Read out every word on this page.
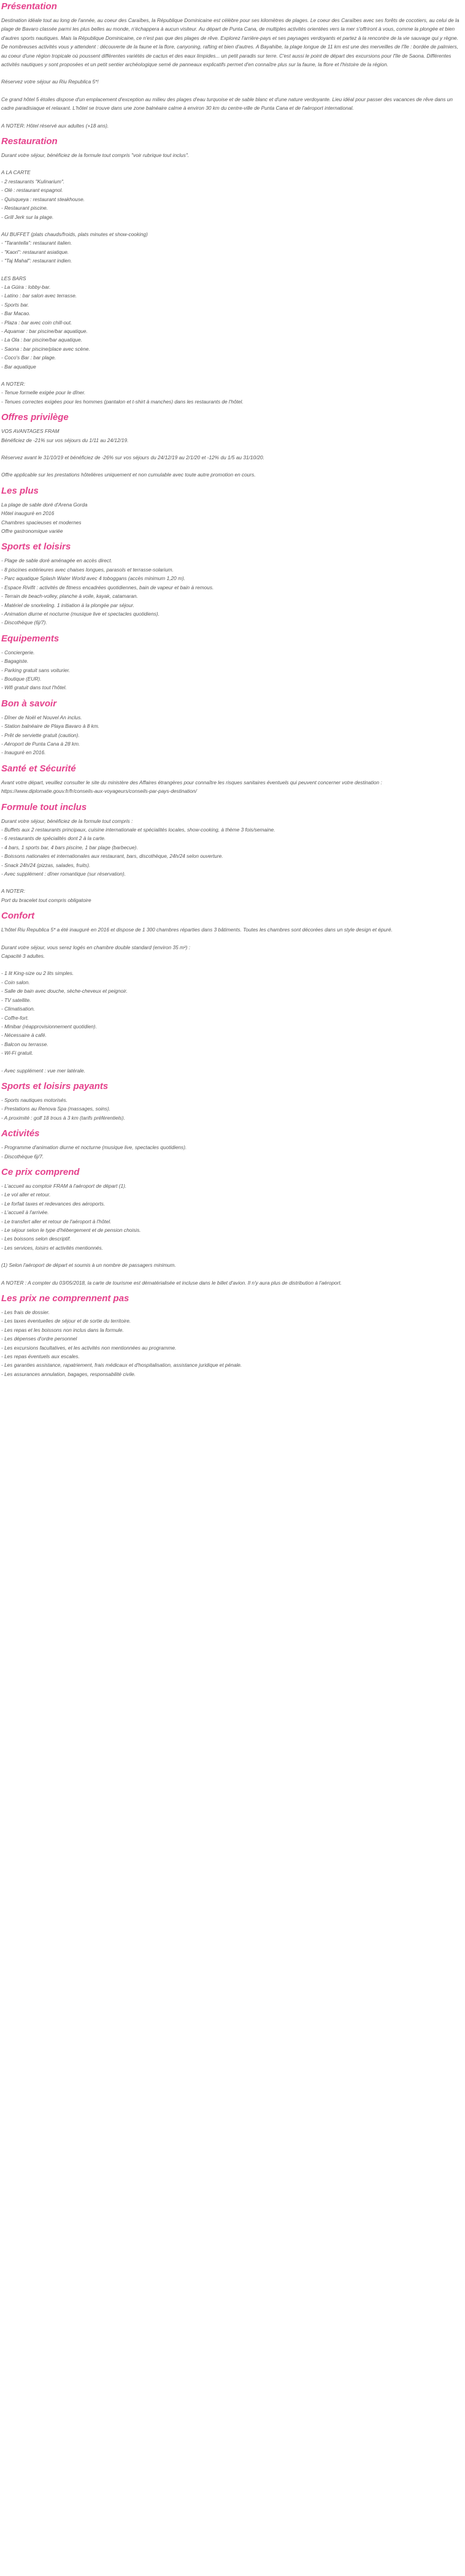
Présentation

Destination idéale tout au long de l'année, au coeur des Caraïbes, la République Dominicaine est célèbre pour ses kilomètres de plages. Le coeur des Caraïbes avec ses forêts de cocotiers, au celui de la plage de Bavaro classée parmi les plus belles au monde, n'échappera à aucun visiteur. Au départ de Punta Cana, de multiples activités orientées vers la mer s'offriront à vous, comme la plongée et bien d'autres sports nautiques. Mais la République Dominicaine, ce n'est pas que des plages de rêve. Explorez l'arrière-pays et ses paysages verdoyants et partez à la rencontre de la vie sauvage qui y règne. De nombreuses activités vous y attendent : découverte de la faune et la flore, canyoning, rafting et bien d'autres. A Bayahibe, la plage longue de 11 km est une des merveilles de l'île : bordée de palmiers, au coeur d'une région tropicale où poussent différentes variétés de cactus et des eaux limpides... un petit paradis sur terre. C'est aussi le point de départ des excursions pour l'île de Saona. Différentes activités nautiques y sont proposées et un petit sentier archéologique semé de panneaux explicatifs permet d'en connaître plus sur la faune, la flore et l'histoire de la région.

Réservez votre séjour au Riu Republica 5*!

Ce grand hôtel 5 étoiles dispose d'un emplacement d'exception au milieu des plages d'eau turquoise et de sable blanc et d'une nature verdoyante. Lieu idéal pour passer des vacances de rêve dans un cadre paradisiaque et relaxant. L'hôtel se trouve dans une zone balnéaire calme à environ 30 km du centre-ville de Punta Cana et de l'aéroport international.

A NOTER: Hôtel réservé aux adultes (+18 ans).

Restauration

Durant votre séjour, bénéficiez de la formule tout compris "voir rubrique tout inclus".

A LA CARTE

- 2 restaurants "Kulinarium".

- Olé : restaurant espagnol.

- Quisqueya : restaurant steakhouse.

- Restaurant piscine.

- Grill Jerk sur la plage.

AU BUFFET (plats chauds/froids, plats minutes et show-cooking)

- "Tarantella": restaurant italien.

- "Kaori": restaurant asiatique.

- "Taj Mahal": restaurant indien.

LES BARS

- La Güira : lobby-bar.

- Latino : bar salon avec terrasse.

- Sports bar.

- Bar Macao.

- Plaza : bar avec coin chill-out.

- Aquamar : bar piscine/bar aquatique.

- La Ola : bar piscine/bar aquatique.

- Saona : bar piscine/place avec scène.

- Coco's Bar : bar plage.

- Bar aquatique

A NOTER:

- Tenue formelle exigée pour le dîner.

- Tenues correctes exigées pour les hommes (pantalon et t-shirt à manches) dans les restaurants de l'hôtel.

Offres privilège

VOS AVANTAGES FRAM

Bénéficiez de -21% sur vos séjours du 1/11 au 24/12/19.

Réservez avant le 31/10/19 et bénéficiez de -26% sur vos séjours du 24/12/19 au 2/1/20 et -12% du 1/5 au 31/10/20.

Offre applicable sur les prestations hôtelières uniquement et non cumulable avec toute autre promotion en cours.

Les plus

La plage de sable doré d'Arena Gorda

Hôtel inauguré en 2016

Chambres spacieuses et modernes

Offre gastronomique variée

Sports et loisirs

- Plage de sable doré aménagée en accès direct.

- 8 piscines extérieures avec chaises longues, parasols et terrasse-solarium.

- Parc aquatique Splash Water World avec 4 toboggans (accès minimum 1,20 m).

- Espace Rivifit : activités de fitness encadrées quotidiennes, bain de vapeur et bain à remous.

- Terrain de beach-volley, planche à voile, kayak, catamaran.

- Matériel de snorkeling. 1 initiation à la plongée par séjour.

- Animation diurne et nocturne (musique live et spectacles quotidiens).

- Discothèque (6j/7).

Equipements

- Conciergerie.

- Bagagiste.

- Parking gratuit sans voiturier.

- Boutique (EUR).

- Wifi gratuit dans tout l'hôtel.

Bon à savoir

- Dîner de Noël et Nouvel An inclus.

- Station balnéaire de Playa Bavaro à 8 km.

- Prêt de serviette gratuit (caution).

- Aéroport de Punta Cana à 28 km.

- Inauguré en 2016.

Santé et Sécurité

Avant votre départ, veuillez consulter le site du ministère des Affaires étrangères pour connaître les risques sanitaires éventuels qui peuvent concerner votre destination : https://www.diplomatie.gouv.fr/fr/conseils-aux-voyageurs/conseils-par-pays-destination/

Formule tout inclus

Durant votre séjour, bénéficiez de la formule tout compris :

- Buffets aux 2 restaurants principaux, cuisine internationale et spécialités locales, show-cooking, à thème 3 fois/semaine.

- 6 restaurants de spécialités dont 2 à la carte.

- 4 bars, 1 sports bar, 4 bars piscine, 1 bar plage (barbecue).

- Boissons nationales et internationales aux restaurant, bars, discothèque, 24h/24 selon ouverture.

- Snack 24h/24 (pizzas, salades, fruits).

- Avec supplément : dîner romantique (sur réservation).

A NOTER:

Port du bracelet tout compris obligatoire

Confort

L'hôtel Riu Republica 5* a été inauguré en 2016 et dispose de 1 300 chambres réparties dans 3 bâtiments. Toutes les chambres sont décorées dans un style design et épuré.

Durant votre séjour, vous serez logés en chambre double standard (environ 35 m²) :

Capacité 3 adultes.

- 1 lit King-size ou 2 lits simples.

- Coin salon.

- Salle de bain avec douche, sèche-cheveux et peignoir.

- TV satellite.

- Climatisation.

- Coffre-fort.

- Minibar (réapprovisionnement quotidien).

- Nécessaire à café.

- Balcon ou terrasse.

- Wi-Fi gratuit.

- Avec supplément : vue mer latérale.

Sports et loisirs payants

- Sports nautiques motorisés.

- Prestations au Renova Spa (massages, soins).

- A proximité : golf 18 trous à 3 km (tarifs préférentiels).

Activités

- Programme d'animation diurne et nocturne (musique live, spectacles quotidiens).

- Discothèque 6j/7.

Ce prix comprend

- L'accueil au comptoir FRAM à l'aéroport de départ (1).

- Le vol aller et retour.

- Le forfait taxes et redevances des aéroports.

- L'accueil à l'arrivée.

- Le transfert aller et retour de l'aéroport à l'hôtel.

- Le séjour selon le type d'hébergement et de pension choisis.

- Les boissons selon descriptif.

- Les services, loisirs et activités mentionnés.

(1) Selon l'aéroport de départ et soumis à un nombre de passagers minimum.

A NOTER : A compter du 03/05/2018, la carte de tourisme est dématérialisée et incluse dans le billet d'avion. Il n'y aura plus de distribution à l'aéroport.

Les prix ne comprennent pas

- Les frais de dossier.

- Les taxes éventuelles de séjour et de sortie du territoire.

- Les repas et les boissons non inclus dans la formule.

- Les dépenses d'ordre personnel

- Les excursions facultatives, et les activités non mentionnées au programme.

- Les repas éventuels aux escales.

- Les garanties assistance, rapatriement, frais médicaux et d'hospitalisation, assistance juridique et pénale.

- Les assurances annulation, bagages, responsabilité civile.
